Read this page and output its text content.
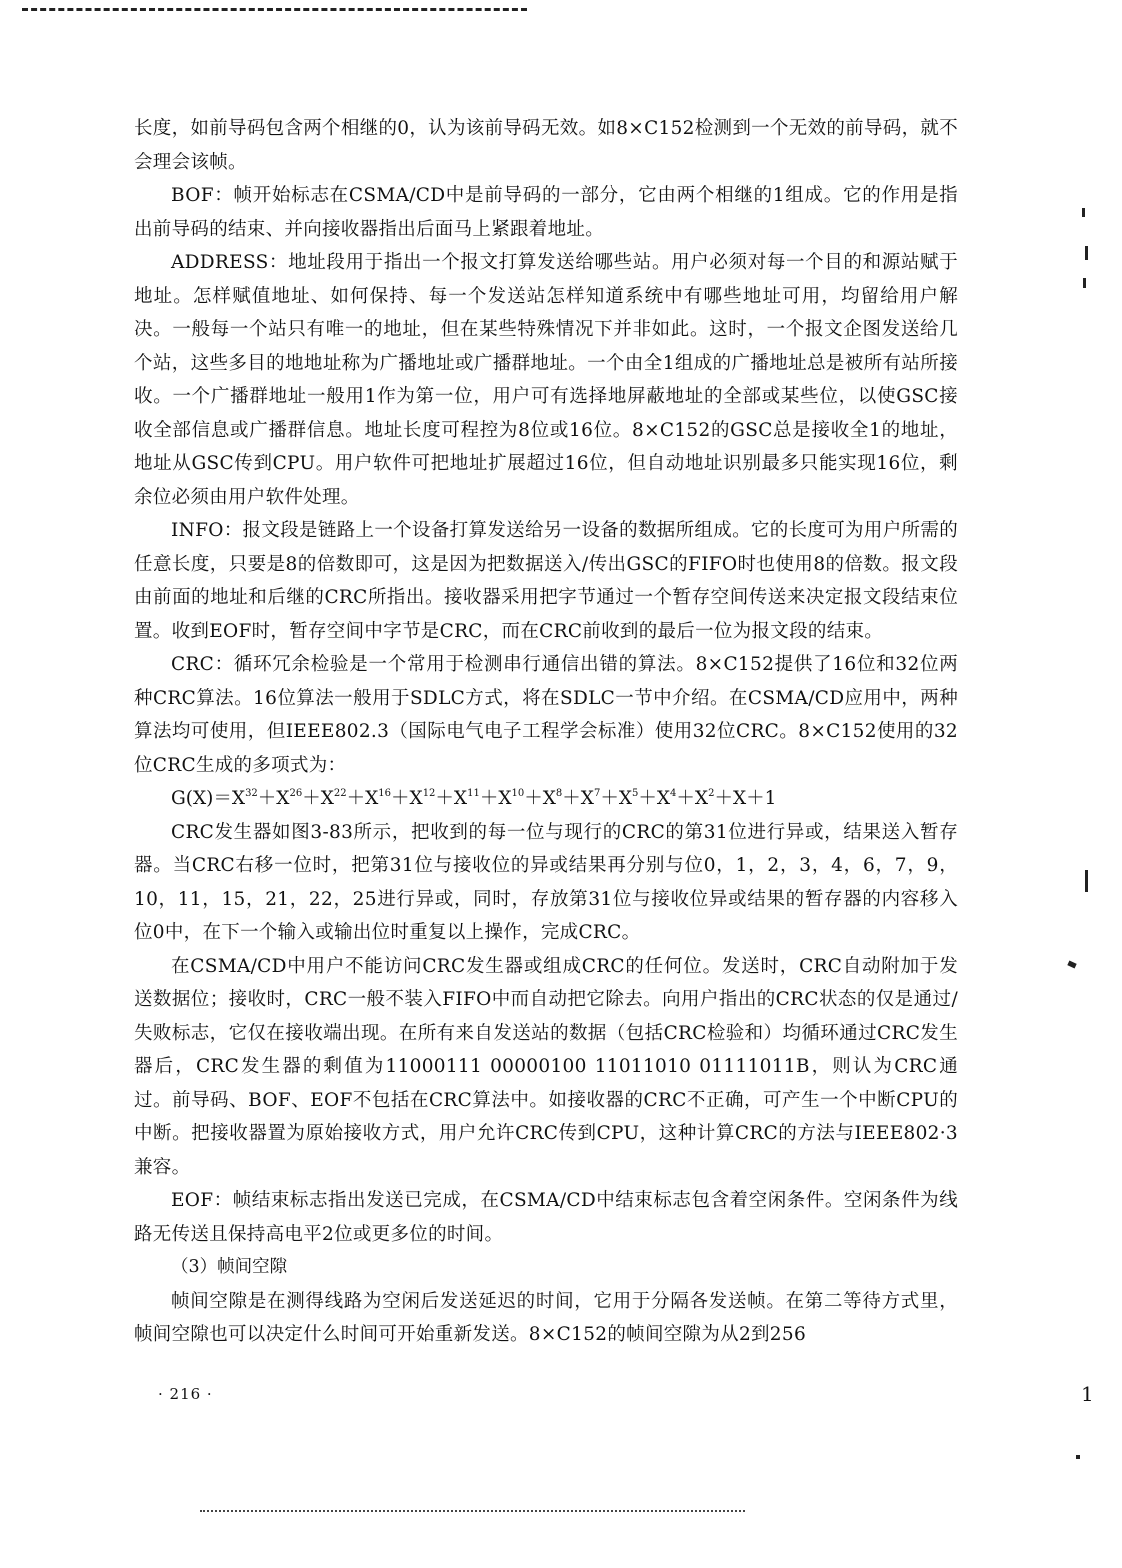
长度，如前导码包含两个相继的0，认为该前导码无效。如8×C152检测到一个无效的前导码，就不会理会该帧。

BOF：帧开始标志在CSMA/CD中是前导码的一部分，它由两个相继的1组成。它的作用是指出前导码的结束、并向接收器指出后面马上紧跟着地址。

ADDRESS：地址段用于指出一个报文打算发送给哪些站。用户必须对每一个目的和源站赋于地址。怎样赋值地址、如何保持、每一个发送站怎样知道系统中有哪些地址可用，均留给用户解决。一般每一个站只有唯一的地址，但在某些特殊情况下并非如此。这时，一个报文企图发送给几个站，这些多目的地地址称为广播地址或广播群地址。一个由全1组成的广播地址总是被所有站所接收。一个广播群地址一般用1作为第一位，用户可有选择地屏蔽地址的全部或某些位，以使GSC接收全部信息或广播群信息。地址长度可程控为8位或16位。8×C152的GSC总是接收全1的地址，地址从GSC传到CPU。用户软件可把地址扩展超过16位，但自动地址识别最多只能实现16位，剩余位必须由用户软件处理。

INFO：报文段是链路上一个设备打算发送给另一设备的数据所组成。它的长度可为用户所需的任意长度，只要是8的倍数即可，这是因为把数据送入/传出GSC的FIFO时也使用8的倍数。报文段由前面的地址和后继的CRC所指出。接收器采用把字节通过一个暂存空间传送来决定报文段结束位置。收到EOF时，暂存空间中字节是CRC，而在CRC前收到的最后一位为报文段的结束。

CRC：循环冗余检验是一个常用于检测串行通信出错的算法。8×C152提供了16位和32位两种CRC算法。16位算法一般用于SDLC方式，将在SDLC一节中介绍。在CSMA/CD应用中，两种算法均可使用，但IEEE802.3（国际电气电子工程学会标准）使用32位CRC。8×C152使用的32位CRC生成的多项式为：

$G(X)=X^{32}+X^{26}+X^{22}+X^{16}+X^{12}+X^{11}+X^{10}+X^8+X^7+X^5+X^4+X^2+X+1$

CRC发生器如图3-83所示，把收到的每一位与现行的CRC的第31位进行异或，结果送入暂存器。当CRC右移一位时，把第31位与接收位的异或结果再分别与位0，1，2，3，4，6，7，9，10，11，15，21，22，25进行异或，同时，存放第31位与接收位异或结果的暂存器的内容移入位0中，在下一个输入或输出位时重复以上操作，完成CRC。

在CSMA/CD中用户不能访问CRC发生器或组成CRC的任何位。发送时，CRC自动附加于发送数据位；接收时，CRC一般不装入FIFO中而自动把它除去。向用户指出的CRC状态的仅是通过/失败标志，它仅在接收端出现。在所有来自发送站的数据（包括CRC检验和）均循环通过CRC发生器后，CRC发生器的剩值为11000111 00000100 11011010 01111011B，则认为CRC通过。前导码、BOF、EOF不包括在CRC算法中。如接收器的CRC不正确，可产生一个中断CPU的中断。把接收器置为原始接收方式，用户允许CRC传到CPU，这种计算CRC的方法与IEEE802·3兼容。

EOF：帧结束标志指出发送已完成，在CSMA/CD中结束标志包含着空闲条件。空闲条件为线路无传送且保持高电平2位或更多位的时间。

（3）帧间空隙

帧间空隙是在测得线路为空闲后发送延迟的时间，它用于分隔各发送帧。在第二等待方式里，帧间空隙也可以决定什么时间可开始重新发送。8×C152的帧间空隙为从2到256

· 216 ·	1
